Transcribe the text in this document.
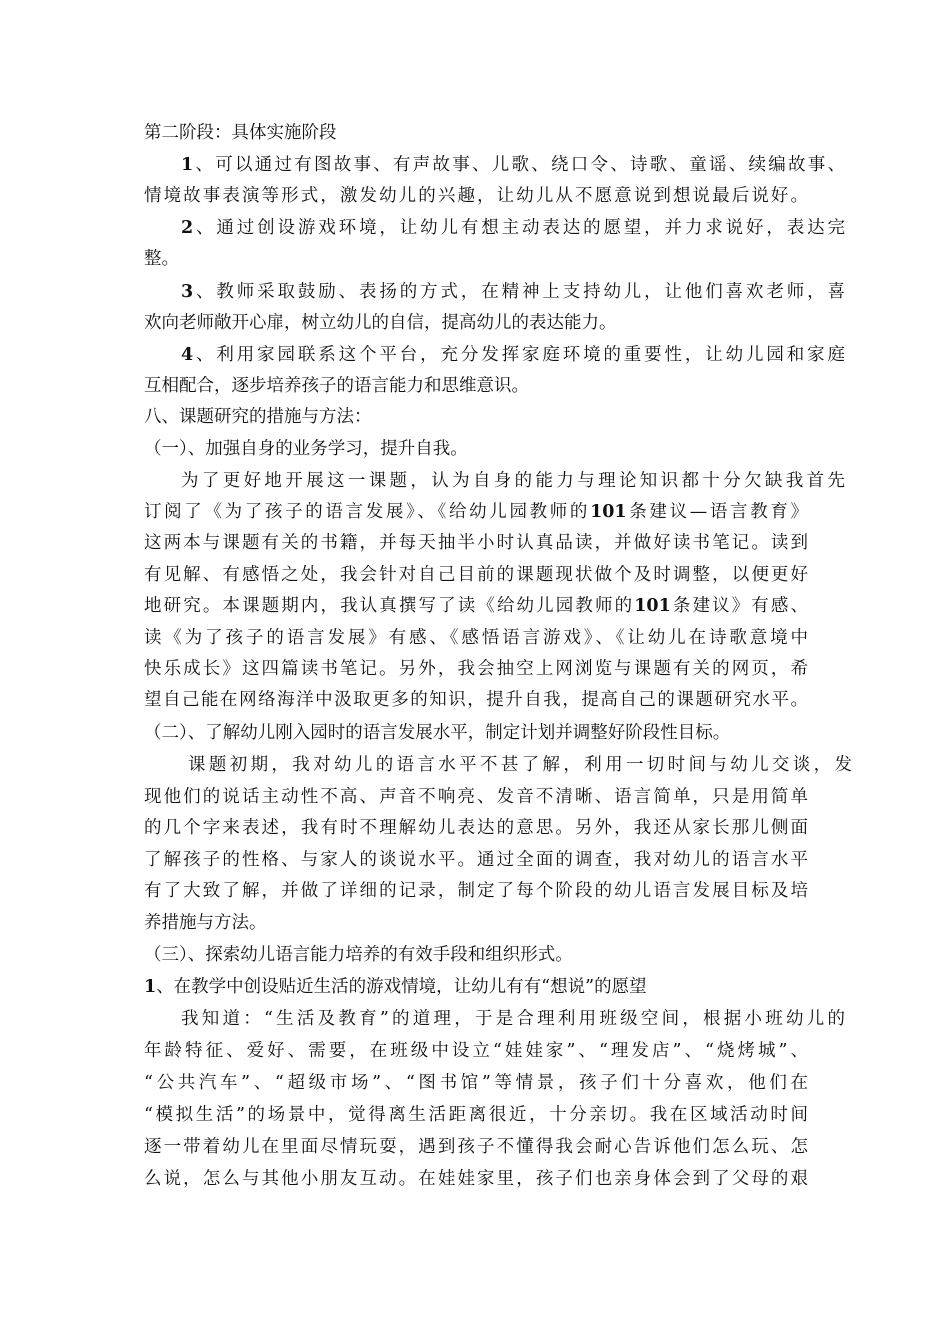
第二阶段：具体实施阶段
1、可以通过有图故事、有声故事、儿歌、绕口令、诗歌、童谣、续编故事、
情境故事表演等形式，激发幼儿的兴趣，让幼儿从不愿意说到想说最后说好。
2、通过创设游戏环境，让幼儿有想主动表达的愿望，并力求说好，表达完
整。
3、教师采取鼓励、表扬的方式，在精神上支持幼儿，让他们喜欢老师，喜
欢向老师敞开心扉，树立幼儿的自信，提高幼儿的表达能力。
4、利用家园联系这个平台，充分发挥家庭环境的重要性，让幼儿园和家庭
互相配合，逐步培养孩子的语言能力和思维意识。
八、课题研究的措施与方法：
（一）、加强自身的业务学习，提升自我。
为了更好地开展这一课题，认为自身的能力与理论知识都十分欠缺我首先
订阅了《为了孩子的语言发展》、《给幼儿园教师的101条建议—语言教育》
这两本与课题有关的书籍，并每天抽半小时认真品读，并做好读书笔记。读到
有见解、有感悟之处，我会针对自己目前的课题现状做个及时调整，以便更好
地研究。本课题期内，我认真撰写了读《给幼儿园教师的101条建议》有感、
读《为了孩子的语言发展》有感、《感悟语言游戏》、《让幼儿在诗歌意境中
快乐成长》这四篇读书笔记。另外，我会抽空上网浏览与课题有关的网页，希
望自己能在网络海洋中汲取更多的知识，提升自我，提高自己的课题研究水平。
（二）、了解幼儿刚入园时的语言发展水平，制定计划并调整好阶段性目标。
课题初期，我对幼儿的语言水平不甚了解，利用一切时间与幼儿交谈，发
现他们的说话主动性不高、声音不响亮、发音不清晰、语言简单，只是用简单
的几个字来表述，我有时不理解幼儿表达的意思。另外，我还从家长那儿侧面
了解孩子的性格、与家人的谈说水平。通过全面的调查，我对幼儿的语言水平
有了大致了解，并做了详细的记录，制定了每个阶段的幼儿语言发展目标及培
养措施与方法。
（三）、探索幼儿语言能力培养的有效手段和组织形式。
1、在教学中创设贴近生活的游戏情境，让幼儿有有“想说”的愿望
我知道：“生活及教育”的道理，于是合理利用班级空间，根据小班幼儿的
年龄特征、爱好、需要，在班级中设立“娃娃家”、“理发店”、“烧烤城”、
“公共汽车”、“超级市场”、“图书馆”等情景，孩子们十分喜欢，他们在
“模拟生活”的场景中，觉得离生活距离很近，十分亲切。我在区域活动时间
逐一带着幼儿在里面尽情玩耍，遇到孩子不懂得我会耐心告诉他们怎么玩、怎
么说，怎么与其他小朋友互动。在娃娃家里，孩子们也亲身体会到了父母的艰
